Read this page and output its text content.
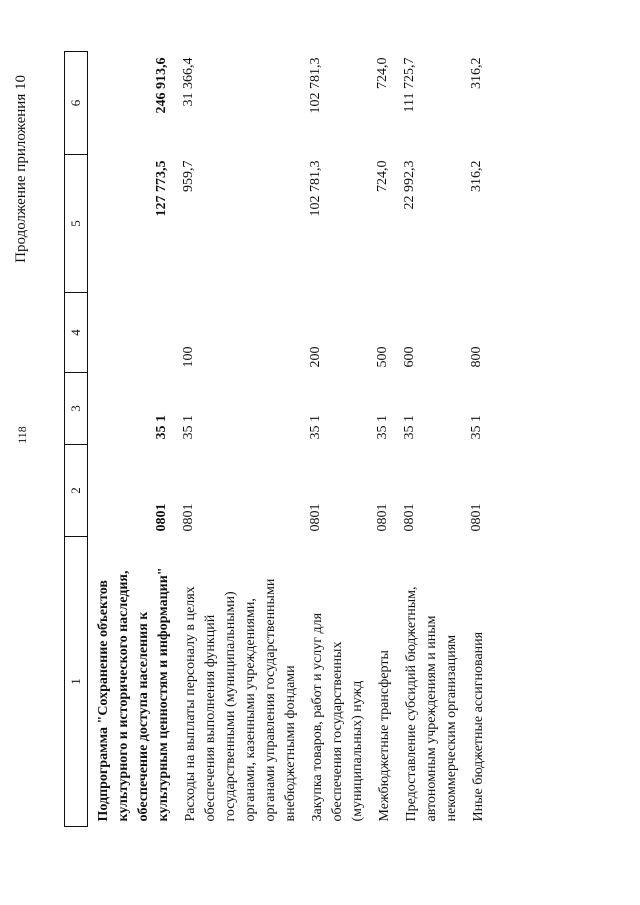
118
Продолжение приложения 10
1	2	3	4	5	6
Подпрограмма "Сохранение объектов культурного и исторического наследия, обеспечение доступа населения к культурным ценностям и информации"	0801	35 1		127 773,5	246 913,6
Расходы на выплаты персоналу в целях обеспечения выполнения функций государственными (муниципальными) органами, казенными учреждениями, органами управления государственными внебюджетными фондами	0801	35 1	100	959,7	31 366,4
Закупка товаров, работ и услуг для обеспечения государственных (муниципальных) нужд	0801	35 1	200	102 781,3	102 781,3
Межбюджетные трансферты	0801	35 1	500	724,0	724,0
Предоставление субсидий бюджетным, автономным учреждениям и иным некоммерческим организациям	0801	35 1	600	22 992,3	111 725,7
Иные бюджетные ассигнования	0801	35 1	800	316,2	316,2
